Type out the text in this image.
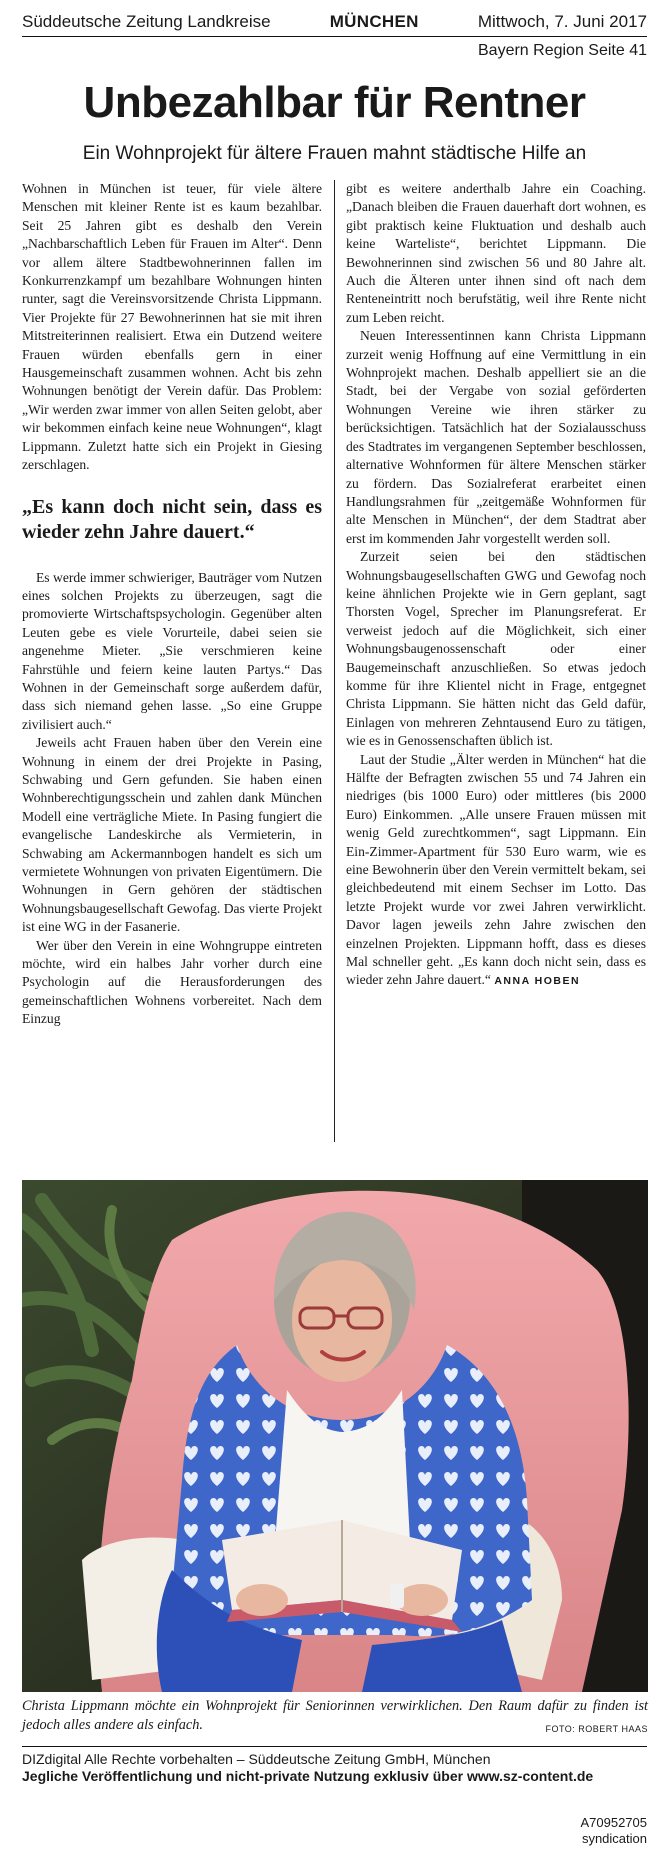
Süddeutsche Zeitung Landkreise	MÜNCHEN	Mittwoch, 7. Juni 2017
Bayern Region Seite 41
Unbezahlbar für Rentner
Ein Wohnprojekt für ältere Frauen mahnt städtische Hilfe an

Wohnen in München ist teuer, für viele ältere Menschen mit kleiner Rente ist es kaum bezahlbar. Seit 25 Jahren gibt es deshalb den Verein „Nachbarschaftlich Leben für Frauen im Alter“. Denn vor allem ältere Stadtbewohnerinnen fallen im Konkurrenzkampf um bezahlbare Wohnungen hinten runter, sagt die Vereinsvorsitzende Christa Lippmann. Vier Projekte für 27 Bewohnerinnen hat sie mit ihren Mitstreiterinnen realisiert. Etwa ein Dutzend weitere Frauen würden ebenfalls gern in einer Hausgemeinschaft zusammen wohnen. Acht bis zehn Wohnungen benötigt der Verein dafür. Das Problem: „Wir werden zwar immer von allen Seiten gelobt, aber wir bekommen einfach keine neue Wohnungen“, klagt Lippmann. Zuletzt hatte sich ein Projekt in Giesing zerschlagen.

„Es kann doch nicht sein, dass es wieder zehn Jahre dauert.“

Es werde immer schwieriger, Bauträger vom Nutzen eines solchen Projekts zu überzeugen, sagt die promovierte Wirtschaftspsychologin. Gegenüber alten Leuten gebe es viele Vorurteile, dabei seien sie angenehme Mieter. „Sie verschmieren keine Fahrstühle und feiern keine lauten Partys.“ Das Wohnen in der Gemeinschaft sorge außerdem dafür, dass sich niemand gehen lasse. „So eine Gruppe zivilisiert auch.“

Jeweils acht Frauen haben über den Verein eine Wohnung in einem der drei Projekte in Pasing, Schwabing und Gern gefunden. Sie haben einen Wohnberechtigungsschein und zahlen dank München Modell eine verträgliche Miete. In Pasing fungiert die evangelische Landeskirche als Vermieterin, in Schwabing am Ackermannbogen handelt es sich um vermietete Wohnungen von privaten Eigentümern. Die Wohnungen in Gern gehören der städtischen Wohnungsbaugesellschaft Gewofag. Das vierte Projekt ist eine WG in der Fasanerie.

Wer über den Verein in eine Wohngruppe eintreten möchte, wird ein halbes Jahr vorher durch eine Psychologin auf die Herausforderungen des gemeinschaftlichen Wohnens vorbereitet. Nach dem Einzug

gibt es weitere anderthalb Jahre ein Coaching. „Danach bleiben die Frauen dauerhaft dort wohnen, es gibt praktisch keine Fluktuation und deshalb auch keine Warteliste“, berichtet Lippmann. Die Bewohnerinnen sind zwischen 56 und 80 Jahre alt. Auch die Älteren unter ihnen sind oft nach dem Renteneintritt noch berufstätig, weil ihre Rente nicht zum Leben reicht.

Neuen Interessentinnen kann Christa Lippmann zurzeit wenig Hoffnung auf eine Vermittlung in ein Wohnprojekt machen. Deshalb appelliert sie an die Stadt, bei der Vergabe von sozial geförderten Wohnungen Vereine wie ihren stärker zu berücksichtigen. Tatsächlich hat der Sozialausschuss des Stadtrates im vergangenen September beschlossen, alternative Wohnformen für ältere Menschen stärker zu fördern. Das Sozialreferat erarbeitet einen Handlungsrahmen für „zeitgemäße Wohnformen für alte Menschen in München“, der dem Stadtrat aber erst im kommenden Jahr vorgestellt werden soll.

Zurzeit seien bei den städtischen Wohnungsbaugesellschaften GWG und Gewofag noch keine ähnlichen Projekte wie in Gern geplant, sagt Thorsten Vogel, Sprecher im Planungsreferat. Er verweist jedoch auf die Möglichkeit, sich einer Wohnungsbaugenossenschaft oder einer Baugemeinschaft anzuschließen. So etwas jedoch komme für ihre Klientel nicht in Frage, entgegnet Christa Lippmann. Sie hätten nicht das Geld dafür, Einlagen von mehreren Zehntausend Euro zu tätigen, wie es in Genossenschaften üblich ist.

Laut der Studie „Älter werden in München“ hat die Hälfte der Befragten zwischen 55 und 74 Jahren ein niedriges (bis 1000 Euro) oder mittleres (bis 2000 Euro) Einkommen. „Alle unsere Frauen müssen mit wenig Geld zurechtkommen“, sagt Lippmann. Ein Ein-Zimmer-Apartment für 530 Euro warm, wie es eine Bewohnerin über den Verein vermittelt bekam, sei gleichbedeutend mit einem Sechser im Lotto. Das letzte Projekt wurde vor zwei Jahren verwirklicht. Davor lagen jeweils zehn Jahre zwischen den einzelnen Projekten. Lippmann hofft, dass es dieses Mal schneller geht. „Es kann doch nicht sein, dass es wieder zehn Jahre dauert.“ ANNA HOBEN

Christa Lippmann möchte ein Wohnprojekt für Seniorinnen verwirklichen. Den Raum dafür zu finden ist jedoch alles andere als einfach.	FOTO: ROBERT HAAS
DIZdigital Alle Rechte vorbehalten – Süddeutsche Zeitung GmbH, München
Jegliche Veröffentlichung und nicht-private Nutzung exklusiv über www.sz-content.de
A70952705
syndication
